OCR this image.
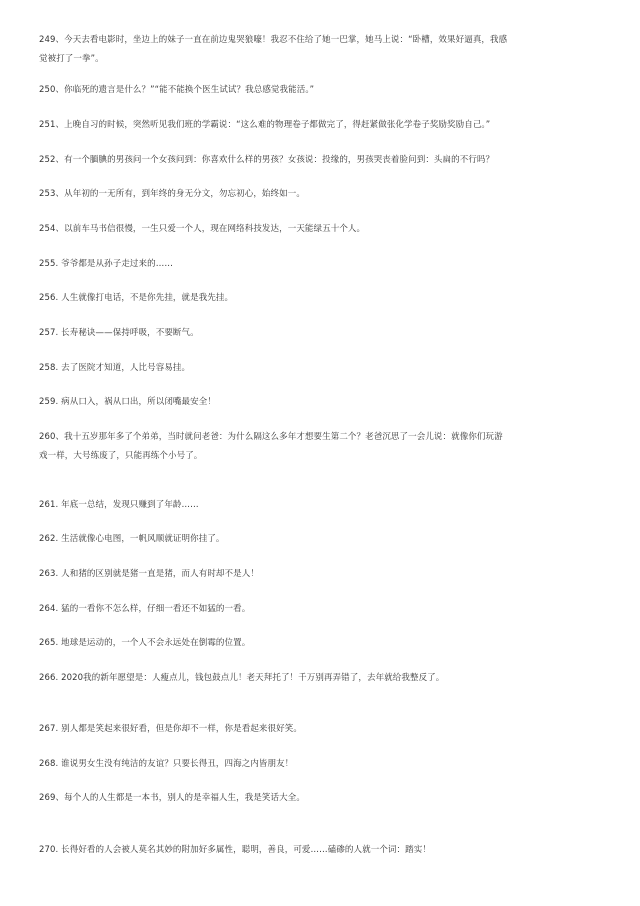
249、今天去看电影时，坐边上的妹子一直在前边鬼哭狼嚎！我忍不住给了她一巴掌，她马上说：“卧槽，效果好逼真，我感觉被打了一拳”。

250、你临死的遗言是什么？”“能不能换个医生试试？我总感觉我能活。”

251、上晚自习的时候，突然听见我们班的学霸说：“这么难的物理卷子都做完了，得赶紧做张化学卷子奖励奖励自己。”

252、有一个腼腆的男孩问一个女孩问到：你喜欢什么样的男孩？女孩说：投缘的，男孩哭丧着脸问到：头扁的不行吗？

253、从年初的一无所有，到年终的身无分文，勿忘初心，始终如一。

254、以前车马书信很慢，一生只爱一个人，现在网络科技发达，一天能绿五十个人。

255. 爷爷都是从孙子走过来的……

256. 人生就像打电话，不是你先挂，就是我先挂。

257. 长寿秘诀——保持呼吸，不要断气。

258. 去了医院才知道，人比号容易挂。

259. 病从口入，祸从口出，所以闭嘴最安全！

260、我十五岁那年多了个弟弟，当时就问老爸：为什么隔这么多年才想要生第二个？老爸沉思了一会儿说：就像你们玩游戏一样，大号练废了，只能再练个小号了。

261. 年底一总结，发现只赚到了年龄……

262. 生活就像心电图，一帆风顺就证明你挂了。

263. 人和猪的区别就是猪一直是猪，而人有时却不是人！

264. 猛的一看你不怎么样，仔细一看还不如猛的一看。

265. 地球是运动的，一个人不会永远处在倒霉的位置。

266. 2020我的新年愿望是：人瘦点儿，钱包鼓点儿！老天拜托了！千万别再弄错了，去年就给我整反了。

267. 别人都是笑起来很好看，但是你却不一样，你是看起来很好笑。

268. 谁说男女生没有纯洁的友谊？只要长得丑，四海之内皆朋友！

269、每个人的人生都是一本书，别人的是幸福人生，我是笑话大全。

270. 长得好看的人会被人莫名其妙的附加好多属性，聪明，善良，可爱……磕碜的人就一个词：踏实！
